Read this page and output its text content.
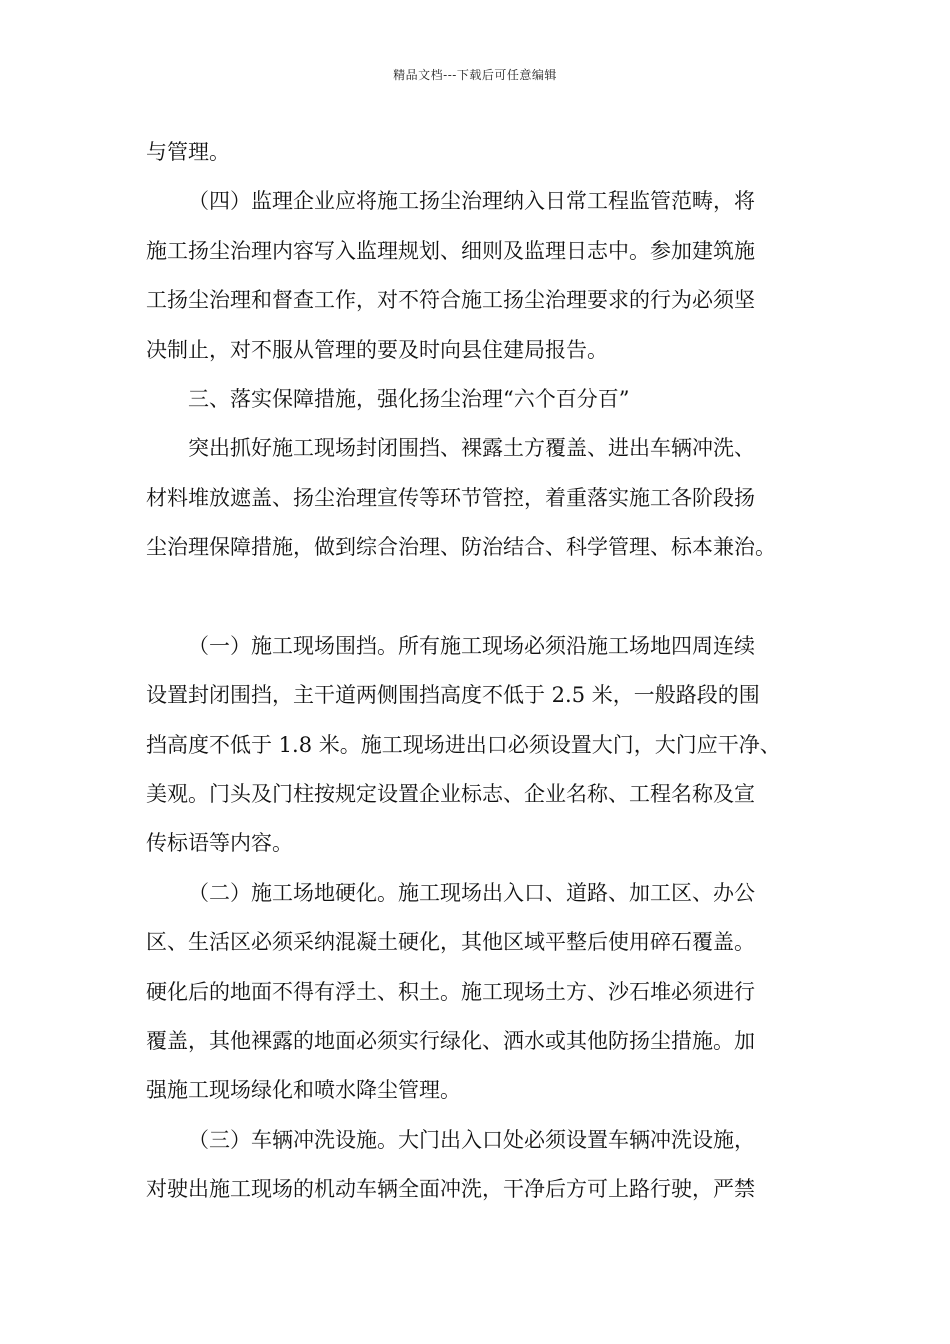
精品文档---下载后可任意编辑
与管理。
（四）监理企业应将施工扬尘治理纳入日常工程监管范畴，将
施工扬尘治理内容写入监理规划、细则及监理日志中。参加建筑施
工扬尘治理和督查工作，对不符合施工扬尘治理要求的行为必须坚
决制止，对不服从管理的要及时向县住建局报告。
三、落实保障措施，强化扬尘治理“六个百分百”
突出抓好施工现场封闭围挡、裸露土方覆盖、进出车辆冲洗、
材料堆放遮盖、扬尘治理宣传等环节管控，着重落实施工各阶段扬
尘治理保障措施，做到综合治理、防治结合、科学管理、标本兼治。
（一）施工现场围挡。所有施工现场必须沿施工场地四周连续
设置封闭围挡，主干道两侧围挡高度不低于 2.5 米，一般路段的围
挡高度不低于 1.8 米。施工现场进出口必须设置大门，大门应干净、
美观。门头及门柱按规定设置企业标志、企业名称、工程名称及宣
传标语等内容。
（二）施工场地硬化。施工现场出入口、道路、加工区、办公
区、生活区必须采纳混凝土硬化，其他区域平整后使用碎石覆盖。
硬化后的地面不得有浮土、积土。施工现场土方、沙石堆必须进行
覆盖，其他裸露的地面必须实行绿化、洒水或其他防扬尘措施。加
强施工现场绿化和喷水降尘管理。
（三）车辆冲洗设施。大门出入口处必须设置车辆冲洗设施，
对驶出施工现场的机动车辆全面冲洗，干净后方可上路行驶，严禁
